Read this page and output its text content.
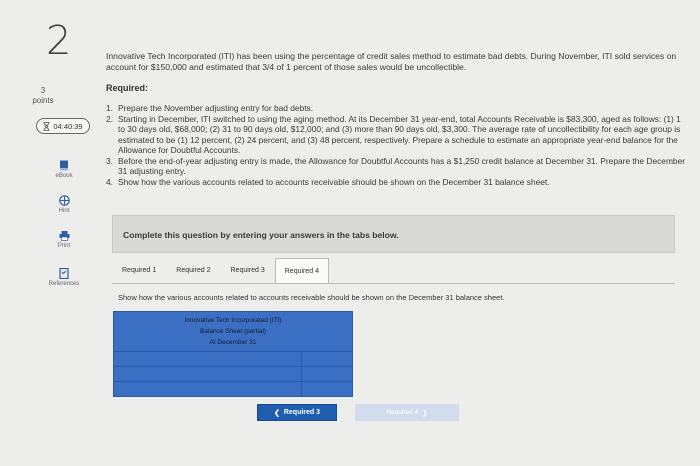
2
3
points
04:40:39
eBook
Hint
Print
References
Innovative Tech Incorporated (ITI) has been using the percentage of credit sales method to estimate bad debts. During November, ITI sold services on account for $150,000 and estimated that 3/4 of 1 percent of those sales would be uncollectible.
Required:
1. Prepare the November adjusting entry for bad debts.
2. Starting in December, ITI switched to using the aging method. At its December 31 year-end, total Accounts Receivable is $83,300, aged as follows: (1) 1 to 30 days old, $68,000; (2) 31 to 90 days old, $12,000; and (3) more than 90 days old, $3,300. The average rate of uncollectibility for each age group is estimated to be (1) 12 percent, (2) 24 percent, and (3) 48 percent, respectively. Prepare a schedule to estimate an appropriate year-end balance for the Allowance for Doubtful Accounts.
3. Before the end-of-year adjusting entry is made, the Allowance for Doubtful Accounts has a $1,250 credit balance at December 31. Prepare the December 31 adjusting entry.
4. Show how the various accounts related to accounts receivable should be shown on the December 31 balance sheet.
Complete this question by entering your answers in the tabs below.
Required 1	Required 2	Required 3	Required 4
Show how the various accounts related to accounts receivable should be shown on the December 31 balance sheet.
Innovative Tech Incorporated (ITI)
Balance Sheet (partial)
At December 31
❮ Required 3	Required 4 ❯
